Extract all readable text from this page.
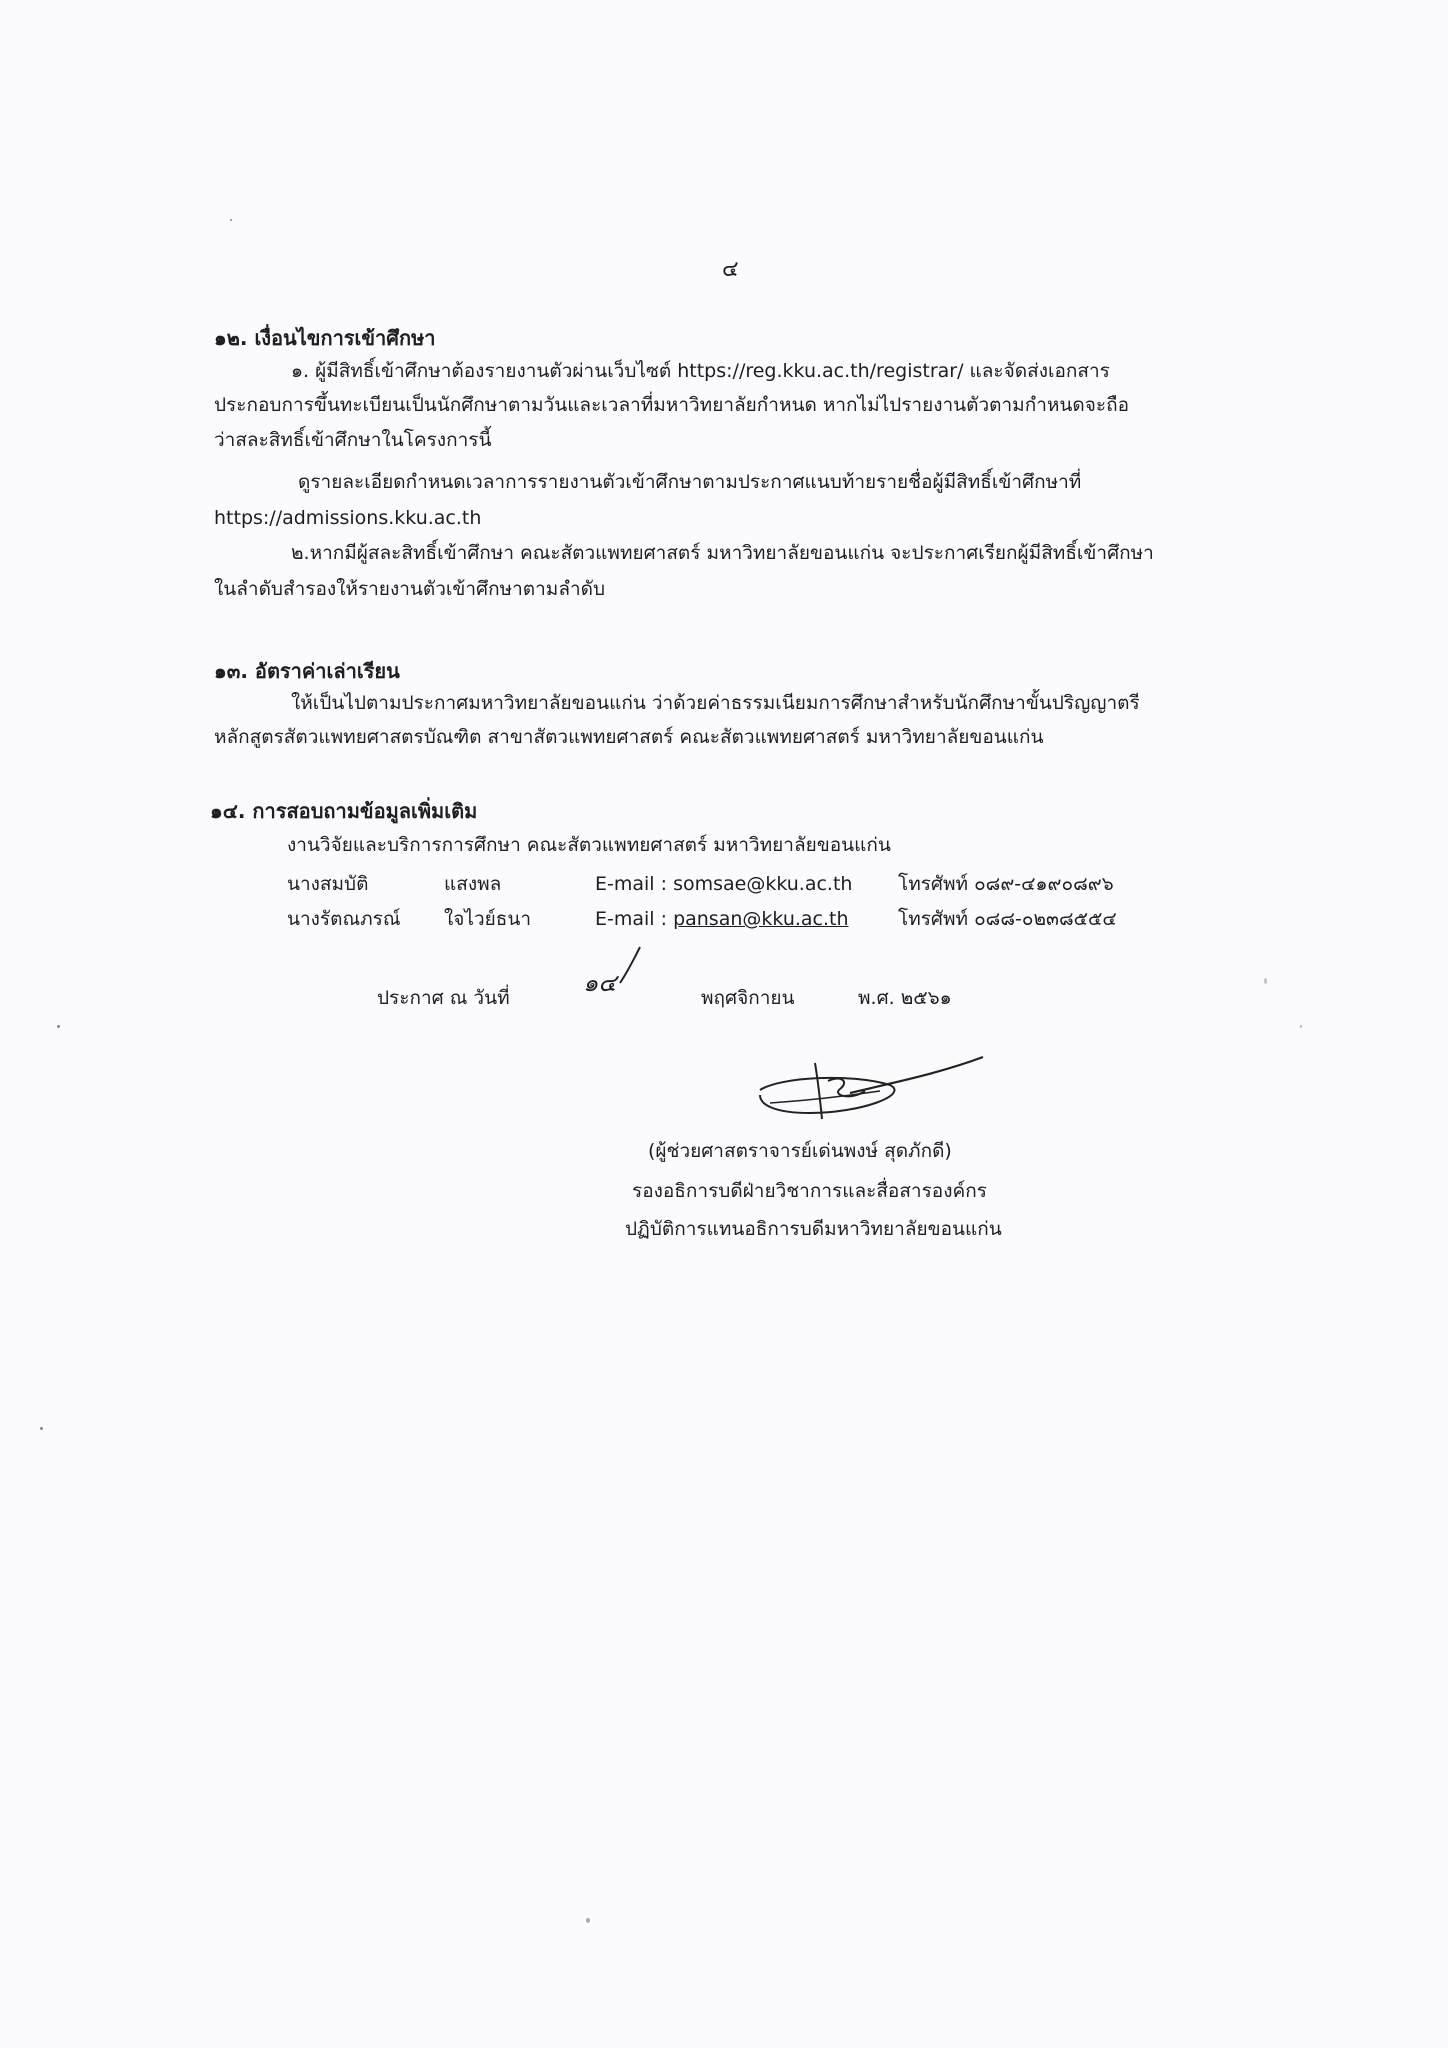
๔
๑๒. เงื่อนไขการเข้าศึกษา
๑. ผู้มีสิทธิ์เข้าศึกษาต้องรายงานตัวผ่านเว็บไซต์ https://reg.kku.ac.th/registrar/ และจัดส่งเอกสาร
ประกอบการขึ้นทะเบียนเป็นนักศึกษาตามวันและเวลาที่มหาวิทยาลัยกำหนด หากไม่ไปรายงานตัวตามกำหนดจะถือ
ว่าสละสิทธิ์เข้าศึกษาในโครงการนี้
ดูรายละเอียดกำหนดเวลาการรายงานตัวเข้าศึกษาตามประกาศแนบท้ายรายชื่อผู้มีสิทธิ์เข้าศึกษาที่
https://admissions.kku.ac.th
๒.หากมีผู้สละสิทธิ์เข้าศึกษา คณะสัตวแพทยศาสตร์ มหาวิทยาลัยขอนแก่น จะประกาศเรียกผู้มีสิทธิ์เข้าศึกษา
ในลำดับสำรองให้รายงานตัวเข้าศึกษาตามลำดับ
๑๓. อัตราค่าเล่าเรียน
ให้เป็นไปตามประกาศมหาวิทยาลัยขอนแก่น ว่าด้วยค่าธรรมเนียมการศึกษาสำหรับนักศึกษาขั้นปริญญาตรี
หลักสูตรสัตวแพทยศาสตรบัณฑิต สาขาสัตวแพทยศาสตร์ คณะสัตวแพทยศาสตร์ มหาวิทยาลัยขอนแก่น
๑๔. การสอบถามข้อมูลเพิ่มเติม
งานวิจัยและบริการการศึกษา คณะสัตวแพทยศาสตร์ มหาวิทยาลัยขอนแก่น
นางสมบัติ	แสงพล	E-mail : somsae@kku.ac.th โทรศัพท์ ๐๘๙-๔๑๙๐๘๙๖
นางรัตณภรณ์ ใจไวย์ธนา	E-mail : pansan@kku.ac.th	โทรศัพท์ ๐๘๘-๐๒๓๘๕๕๔
ประกาศ ณ วันที่
๑๔
พฤศจิกายน	พ.ศ. ๒๕๖๑
(ผู้ช่วยศาสตราจารย์เด่นพงษ์ สุดภักดี)
รองอธิการบดีฝ่ายวิชาการและสื่อสารองค์กร
ปฏิบัติการแทนอธิการบดีมหาวิทยาลัยขอนแก่น
